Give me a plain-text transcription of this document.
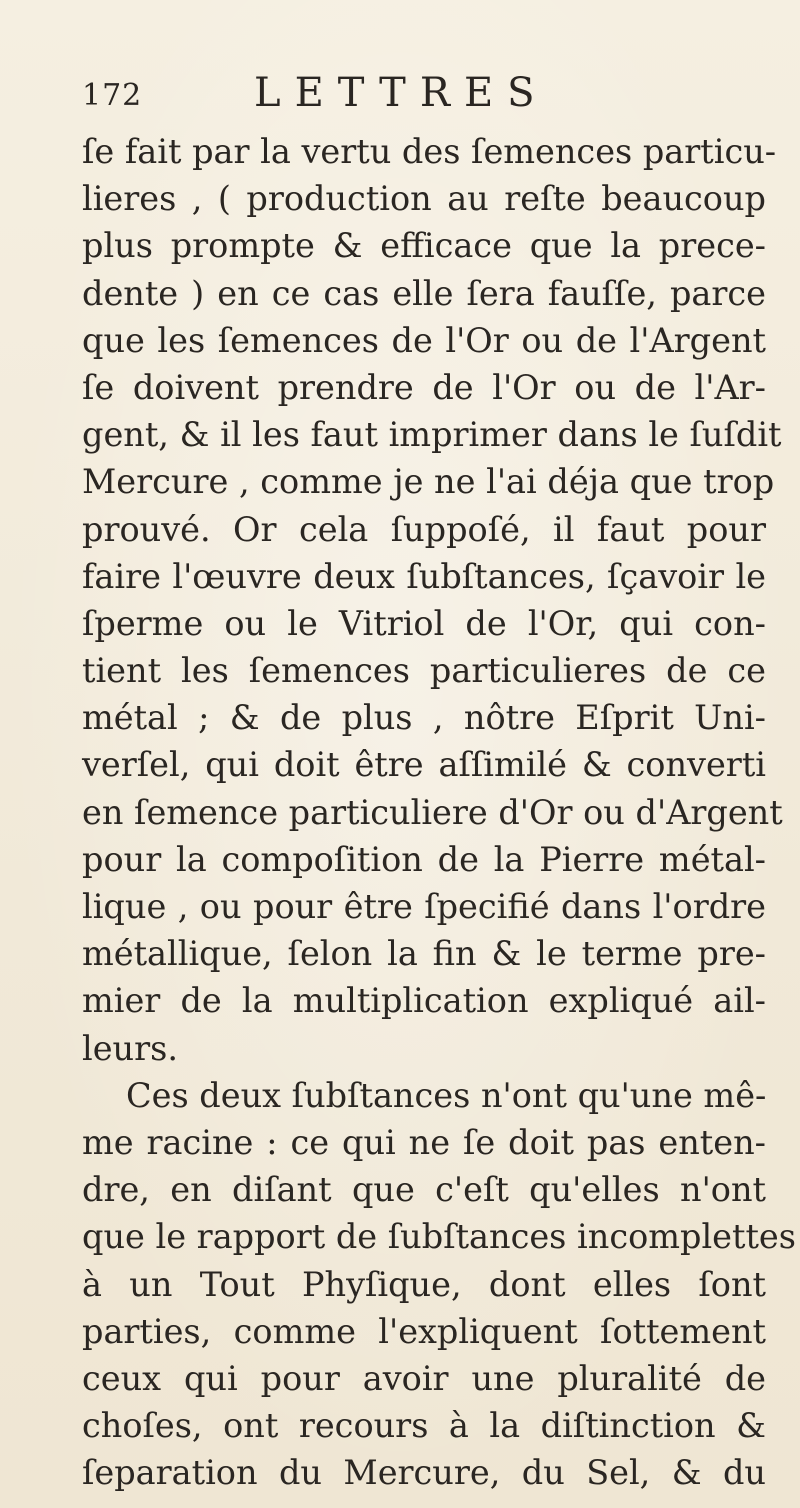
172	LETTRES
ſe fait par la vertu des ſemences particu-
lieres , ( production au reſte beaucoup
plus prompte & efficace que la prece-
dente ) en ce cas elle ſera fauſſe, parce
que les ſemences de l'Or ou de l'Argent
ſe doivent prendre de l'Or ou de l'Ar-
gent, & il les faut imprimer dans le ſuſdit
Mercure , comme je ne l'ai déja que trop
prouvé. Or cela ſuppoſé, il faut pour
faire l'œuvre deux ſubſtances, ſçavoir le
ſperme ou le Vitriol de l'Or, qui con-
tient les ſemences particulieres de ce
métal ; & de plus , nôtre Eſprit Uni-
verſel, qui doit être aſſimilé & converti
en ſemence particuliere d'Or ou d'Argent
pour la compoſition de la Pierre métal-
lique , ou pour être ſpecifié dans l'ordre
métallique, ſelon la fin & le terme pre-
mier de la multiplication expliqué ail-
leurs.
Ces deux ſubſtances n'ont qu'une mê-
me racine : ce qui ne ſe doit pas enten-
dre, en diſant que c'eſt qu'elles n'ont
que le rapport de ſubſtances incomplettes
à un Tout Phyſique, dont elles ſont
parties, comme l'expliquent ſottement
ceux qui pour avoir une pluralité de
choſes, ont recours à la diſtinction &
ſeparation du Mercure, du Sel, & du
